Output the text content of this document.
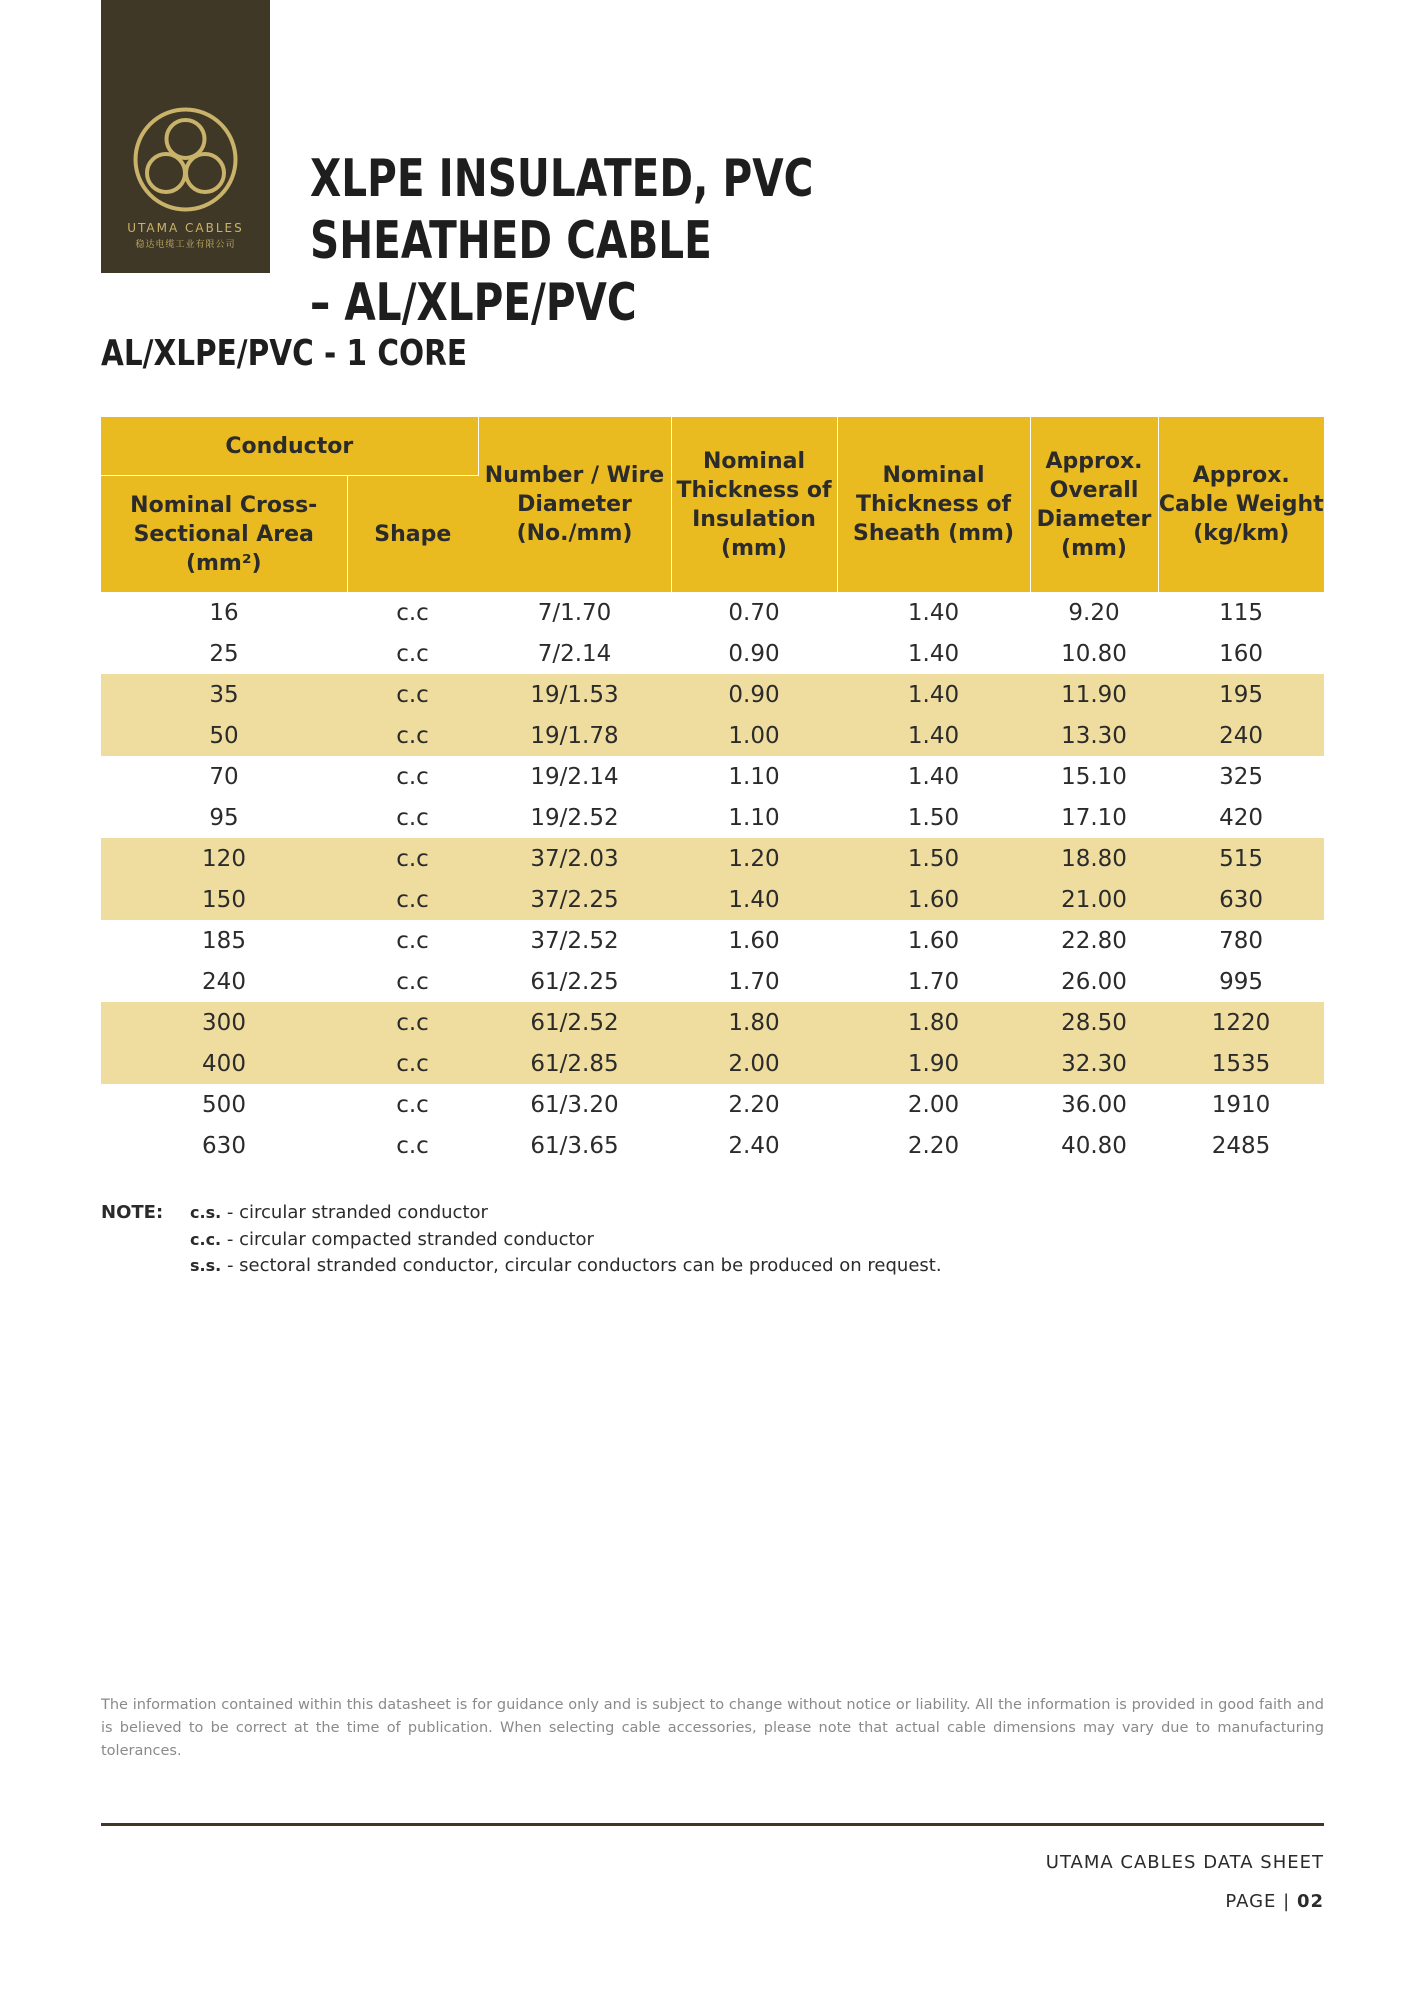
UTAMA CABLES
稳达电缆工业有限公司
XLPE INSULATED, PVC SHEATHED CABLE
– AL/XLPE/PVC
AL/XLPE/PVC - 1 CORE
Conductor		Number / Wire Diameter (No./mm)	Nominal Thickness of Insulation (mm)	Nominal Thickness of Sheath (mm)	Approx. Overall Diameter (mm)	Approx. Cable Weight (kg/km)
Nominal Cross-Sectional Area (mm²)	Shape					
16	c.c	7/1.70	0.70	1.40	9.20	115
25	c.c	7/2.14	0.90	1.40	10.80	160
35	c.c	19/1.53	0.90	1.40	11.90	195
50	c.c	19/1.78	1.00	1.40	13.30	240
70	c.c	19/2.14	1.10	1.40	15.10	325
95	c.c	19/2.52	1.10	1.50	17.10	420
120	c.c	37/2.03	1.20	1.50	18.80	515
150	c.c	37/2.25	1.40	1.60	21.00	630
185	c.c	37/2.52	1.60	1.60	22.80	780
240	c.c	61/2.25	1.70	1.70	26.00	995
300	c.c	61/2.52	1.80	1.80	28.50	1220
400	c.c	61/2.85	2.00	1.90	32.30	1535
500	c.c	61/3.20	2.20	2.00	36.00	1910
630	c.c	61/3.65	2.40	2.20	40.80	2485
NOTE:	c.s. - circular stranded conductor
c.c. - circular compacted stranded conductor
s.s. - sectoral stranded conductor, circular conductors can be produced on request.
The information contained within this datasheet is for guidance only and is subject to change without notice or liability. All the information is provided in good faith and is believed to be correct at the time of publication. When selecting cable accessories, please note that actual cable dimensions may vary due to manufacturing tolerances.
UTAMA CABLES DATA SHEET
PAGE | 02
